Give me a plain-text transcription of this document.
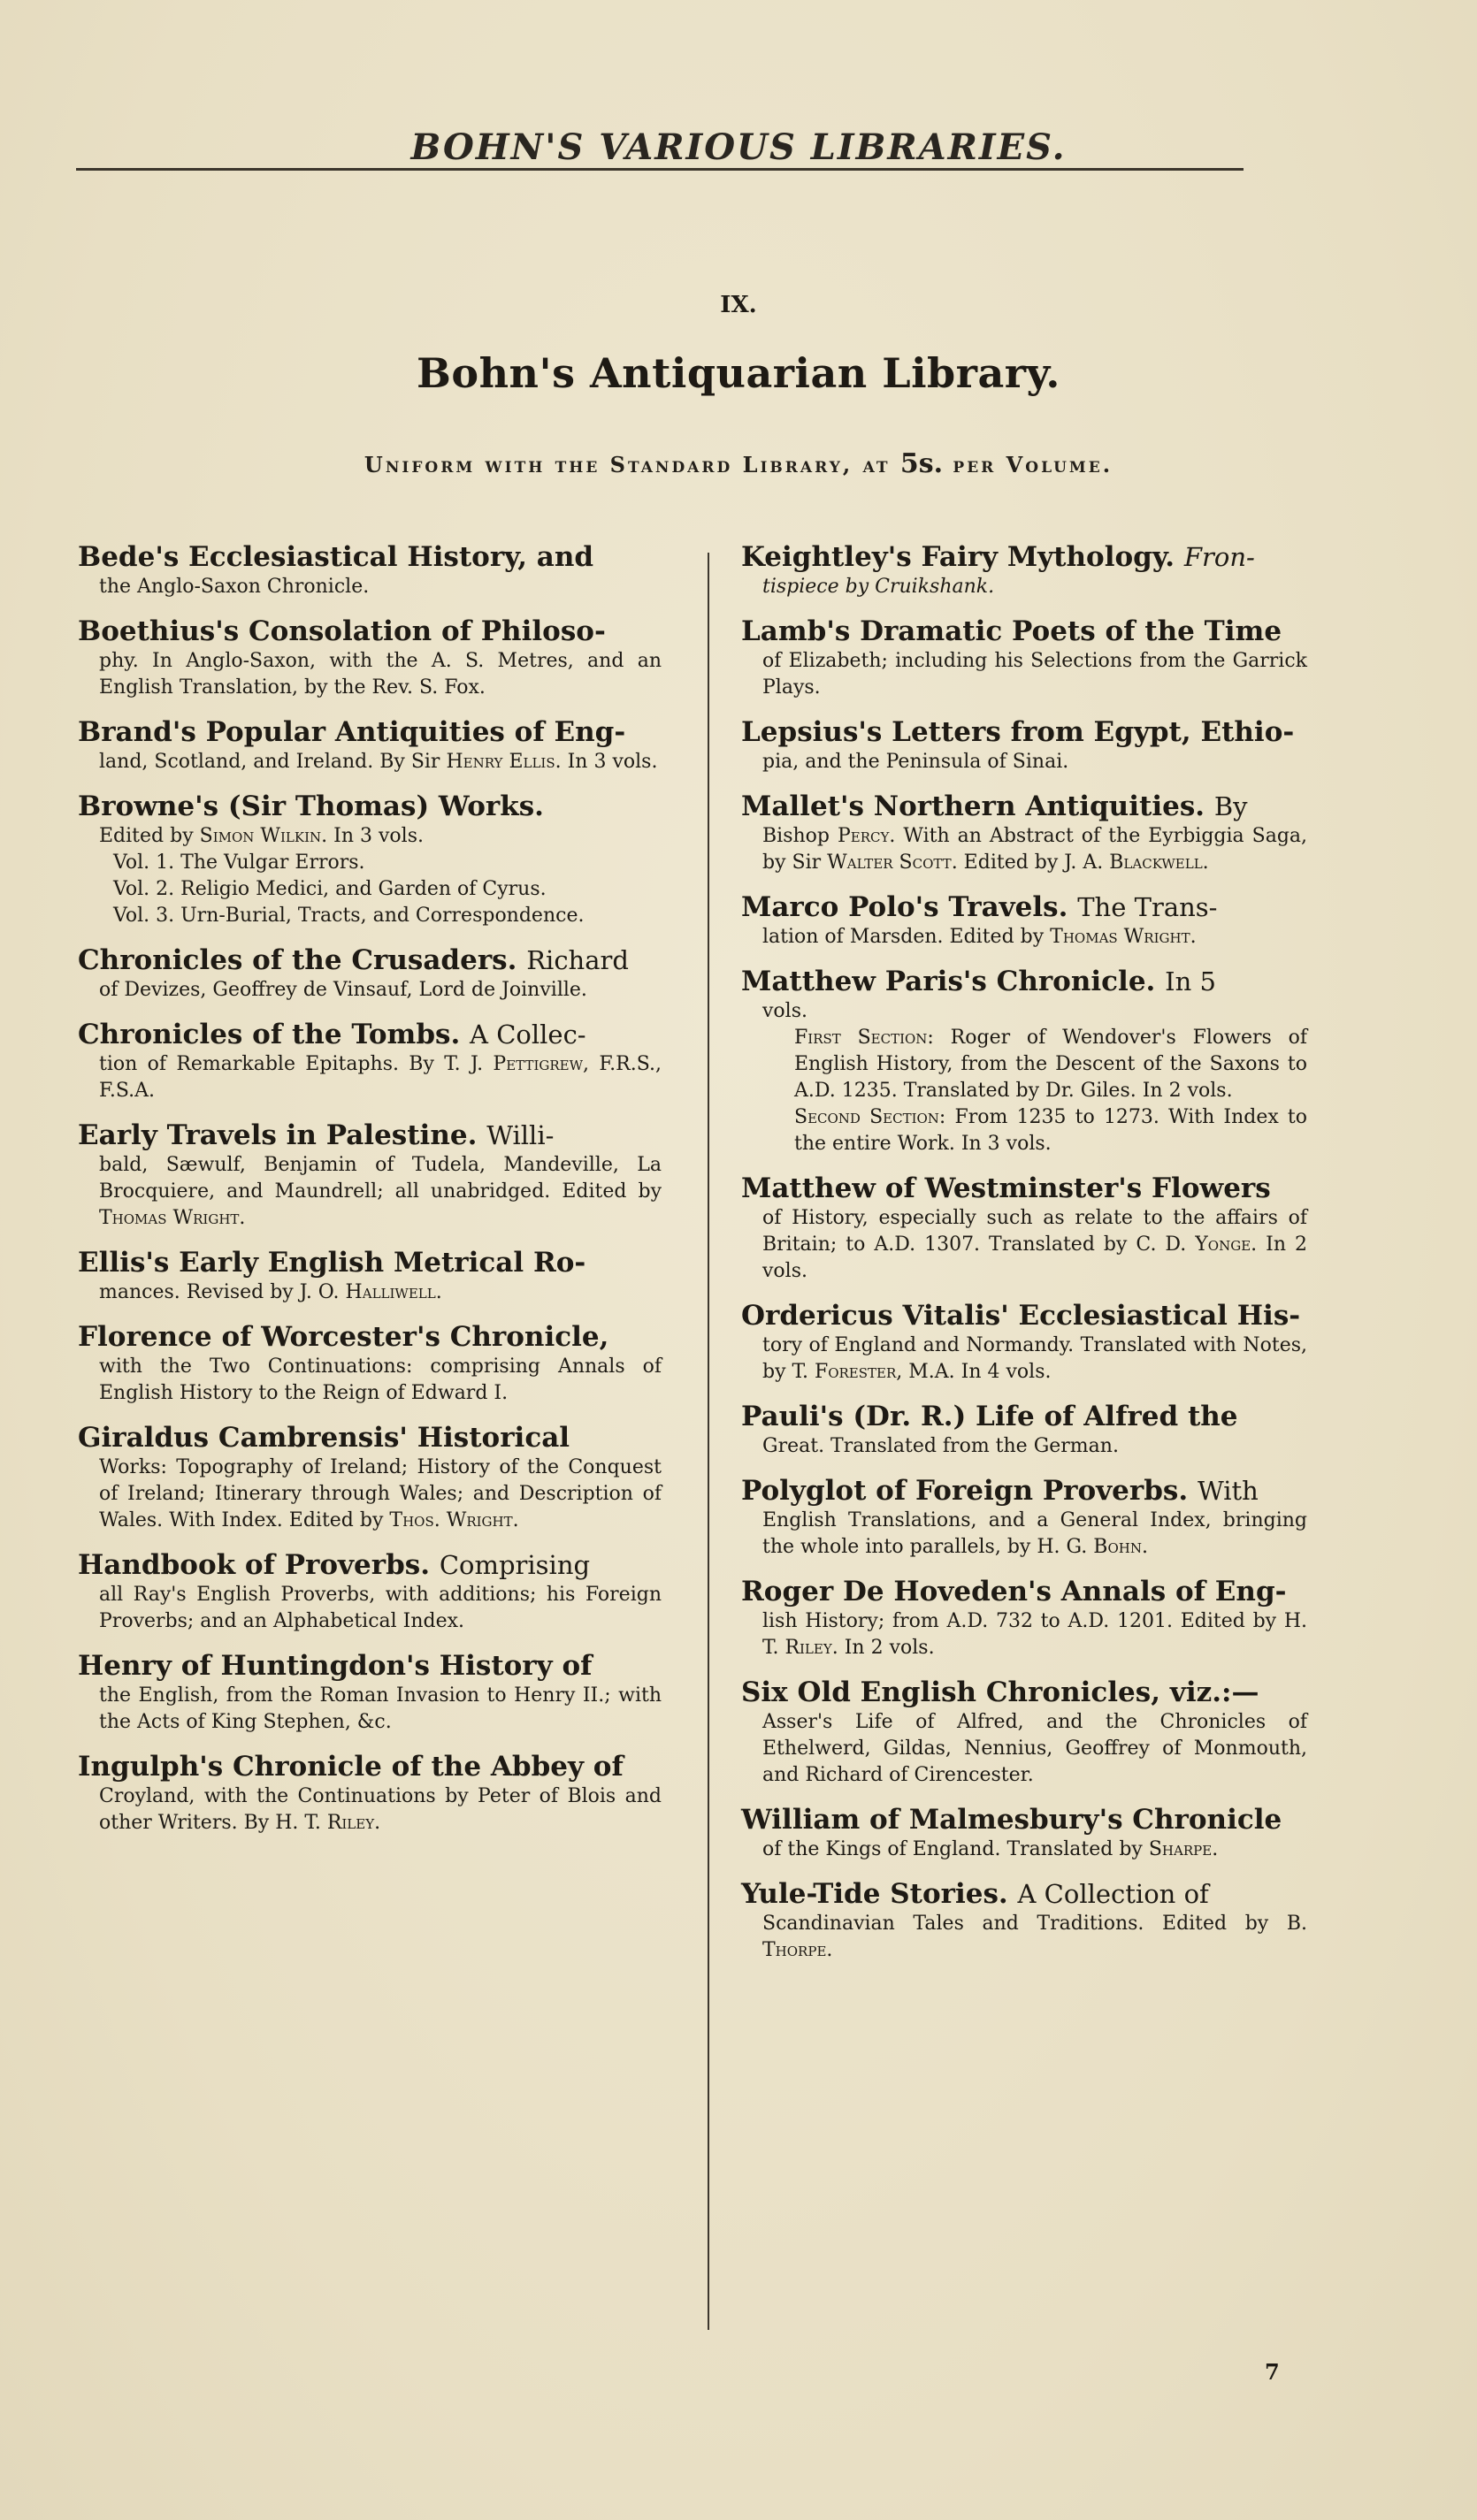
BOHN'S VARIOUS LIBRARIES.
IX.
Bohn's Antiquarian Library.
Uniform with the Standard Library, at 5s. per Volume.
Bede's Ecclesiastical History, and
the Anglo-Saxon Chronicle.
Boethius's Consolation of Philoso-
phy. In Anglo-Saxon, with the A. S. Metres, and an English Translation, by the Rev. S. Fox.
Brand's Popular Antiquities of Eng-
land, Scotland, and Ireland. By Sir Henry Ellis. In 3 vols.
Browne's (Sir Thomas) Works.
Edited by Simon Wilkin. In 3 vols.
Vol. 1. The Vulgar Errors.
Vol. 2. Religio Medici, and Garden of Cyrus.
Vol. 3. Urn-Burial, Tracts, and Correspondence.
Chronicles of the Crusaders. Richard
of Devizes, Geoffrey de Vinsauf, Lord de Joinville.
Chronicles of the Tombs. A Collec-
tion of Remarkable Epitaphs. By T. J. Pettigrew, F.R.S., F.S.A.
Early Travels in Palestine. Willi-
bald, Sæwulf, Benjamin of Tudela, Mandeville, La Brocquiere, and Maundrell; all unabridged. Edited by Thomas Wright.
Ellis's Early English Metrical Ro-
mances. Revised by J. O. Halliwell.
Florence of Worcester's Chronicle,
with the Two Continuations: comprising Annals of English History to the Reign of Edward I.
Giraldus Cambrensis' Historical
Works: Topography of Ireland; History of the Conquest of Ireland; Itinerary through Wales; and Description of Wales. With Index. Edited by Thos. Wright.
Handbook of Proverbs. Comprising
all Ray's English Proverbs, with additions; his Foreign Proverbs; and an Alphabetical Index.
Henry of Huntingdon's History of
the English, from the Roman Invasion to Henry II.; with the Acts of King Stephen, &c.
Ingulph's Chronicle of the Abbey of
Croyland, with the Continuations by Peter of Blois and other Writers. By H. T. Riley.
Keightley's Fairy Mythology. Fron-
tispiece by Cruikshank.
Lamb's Dramatic Poets of the Time
of Elizabeth; including his Selections from the Garrick Plays.
Lepsius's Letters from Egypt, Ethio-
pia, and the Peninsula of Sinai.
Mallet's Northern Antiquities. By
Bishop Percy. With an Abstract of the Eyrbiggia Saga, by Sir Walter Scott. Edited by J. A. Blackwell.
Marco Polo's Travels. The Trans-
lation of Marsden. Edited by Thomas Wright.
Matthew Paris's Chronicle. In 5
vols.
First Section: Roger of Wendover's Flowers of English History, from the Descent of the Saxons to A.D. 1235. Translated by Dr. Giles. In 2 vols.
Second Section: From 1235 to 1273. With Index to the entire Work. In 3 vols.
Matthew of Westminster's Flowers
of History, especially such as relate to the affairs of Britain; to A.D. 1307. Translated by C. D. Yonge. In 2 vols.
Ordericus Vitalis' Ecclesiastical His-
tory of England and Normandy. Translated with Notes, by T. Forester, M.A. In 4 vols.
Pauli's (Dr. R.) Life of Alfred the
Great. Translated from the German.
Polyglot of Foreign Proverbs. With
English Translations, and a General Index, bringing the whole into parallels, by H. G. Bohn.
Roger De Hoveden's Annals of Eng-
lish History; from A.D. 732 to A.D. 1201. Edited by H. T. Riley. In 2 vols.
Six Old English Chronicles, viz.:—
Asser's Life of Alfred, and the Chronicles of Ethelwerd, Gildas, Nennius, Geoffrey of Monmouth, and Richard of Cirencester.
William of Malmesbury's Chronicle
of the Kings of England. Translated by Sharpe.
Yule-Tide Stories. A Collection of
Scandinavian Tales and Traditions. Edited by B. Thorpe.
7
